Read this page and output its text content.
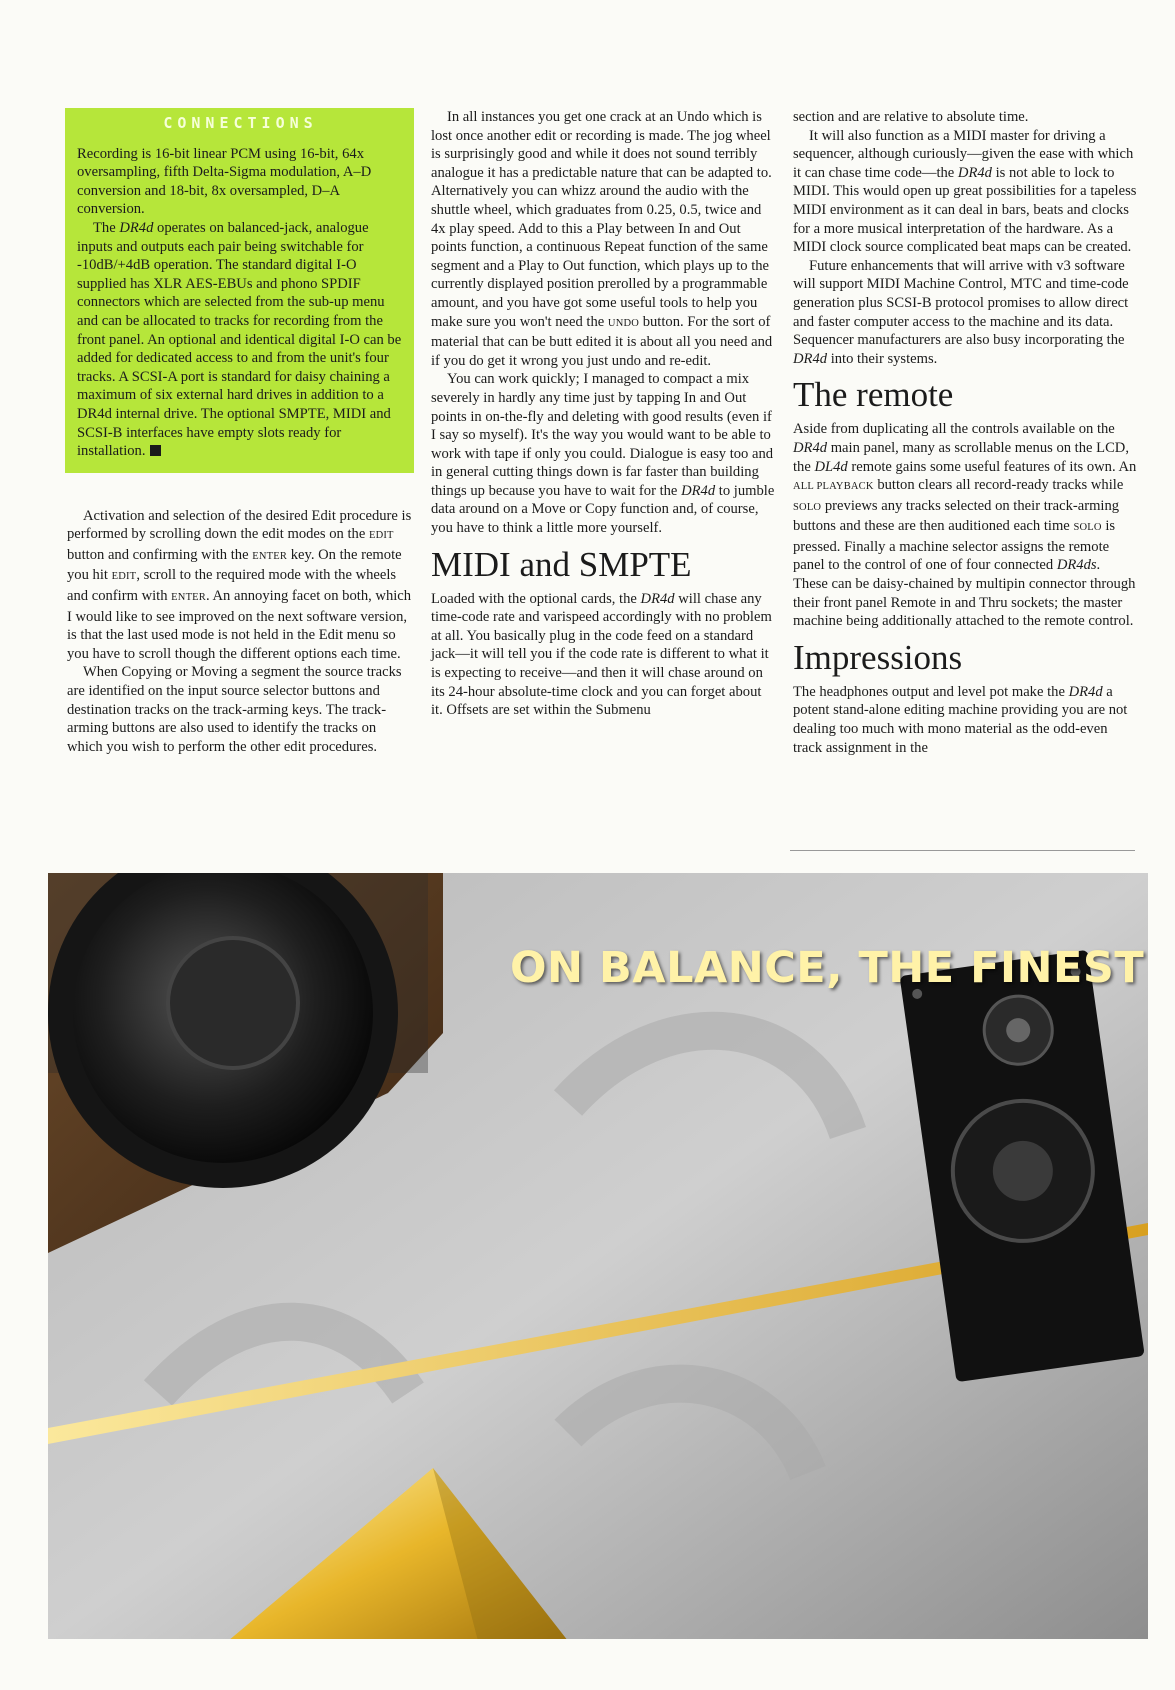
CONNECTIONS

Recording is 16-bit linear PCM using 16-bit, 64x oversampling, fifth Delta-Sigma modulation, A–D conversion and 18-bit, 8x oversampled, D–A conversion.

The DR4d operates on balanced-jack, analogue inputs and outputs each pair being switchable for -10dB/+4dB operation. The standard digital I-O supplied has XLR AES-EBUs and phono SPDIF connectors which are selected from the sub-up menu and can be allocated to tracks for recording from the front panel. An optional and identical digital I-O can be added for dedicated access to and from the unit's four tracks. A SCSI-A port is standard for daisy chaining a maximum of six external hard drives in addition to a DR4d internal drive. The optional SMPTE, MIDI and SCSI-B interfaces have empty slots ready for installation.

Activation and selection of the desired Edit procedure is performed by scrolling down the edit modes on the EDIT button and confirming with the ENTER key. On the remote you hit EDIT, scroll to the required mode with the wheels and confirm with ENTER. An annoying facet on both, which I would like to see improved on the next software version, is that the last used mode is not held in the Edit menu so you have to scroll though the different options each time.

When Copying or Moving a segment the source tracks are identified on the input source selector buttons and destination tracks on the track-arming keys. The track-arming buttons are also used to identify the tracks on which you wish to perform the other edit procedures.

In all instances you get one crack at an Undo which is lost once another edit or recording is made. The jog wheel is surprisingly good and while it does not sound terribly analogue it has a predictable nature that can be adapted to. Alternatively you can whizz around the audio with the shuttle wheel, which graduates from 0.25, 0.5, twice and 4x play speed. Add to this a Play between In and Out points function, a continuous Repeat function of the same segment and a Play to Out function, which plays up to the currently displayed position prerolled by a programmable amount, and you have got some useful tools to help you make sure you won't need the UNDO button. For the sort of material that can be butt edited it is about all you need and if you do get it wrong you just undo and re-edit.

You can work quickly; I managed to compact a mix severely in hardly any time just by tapping In and Out points in on-the-fly and deleting with good results (even if I say so myself). It's the way you would want to be able to work with tape if only you could. Dialogue is easy too and in general cutting things down is far faster than building things up because you have to wait for the DR4d to jumble data around on a Move or Copy function and, of course, you have to think a little more yourself.

MIDI and SMPTE

Loaded with the optional cards, the DR4d will chase any time-code rate and varispeed accordingly with no problem at all. You basically plug in the code feed on a standard jack—it will tell you if the code rate is different to what it is expecting to receive—and then it will chase around on its 24-hour absolute-time clock and you can forget about it. Offsets are set within the Submenu

section and are relative to absolute time.

It will also function as a MIDI master for driving a sequencer, although curiously—given the ease with which it can chase time code—the DR4d is not able to lock to MIDI. This would open up great possibilities for a tapeless MIDI environment as it can deal in bars, beats and clocks for a more musical interpretation of the hardware. As a MIDI clock source complicated beat maps can be created.

Future enhancements that will arrive with v3 software will support MIDI Machine Control, MTC and time-code generation plus SCSI-B protocol promises to allow direct and faster computer access to the machine and its data. Sequencer manufacturers are also busy incorporating the DR4d into their systems.

The remote

Aside from duplicating all the controls available on the DR4d main panel, many as scrollable menus on the LCD, the DL4d remote gains some useful features of its own. An ALL PLAYBACK button clears all record-ready tracks while SOLO previews any tracks selected on their track-arming buttons and these are then auditioned each time SOLO is pressed. Finally a machine selector assigns the remote panel to the control of one of four connected DR4ds. These can be daisy-chained by multipin connector through their front panel Remote in and Thru sockets; the master machine being additionally attached to the remote control.

Impressions

The headphones output and level pot make the DR4d a potent stand-alone editing machine providing you are not dealing too much with mono material as the odd-even track assignment in the

ON BALANCE, THE FINEST
